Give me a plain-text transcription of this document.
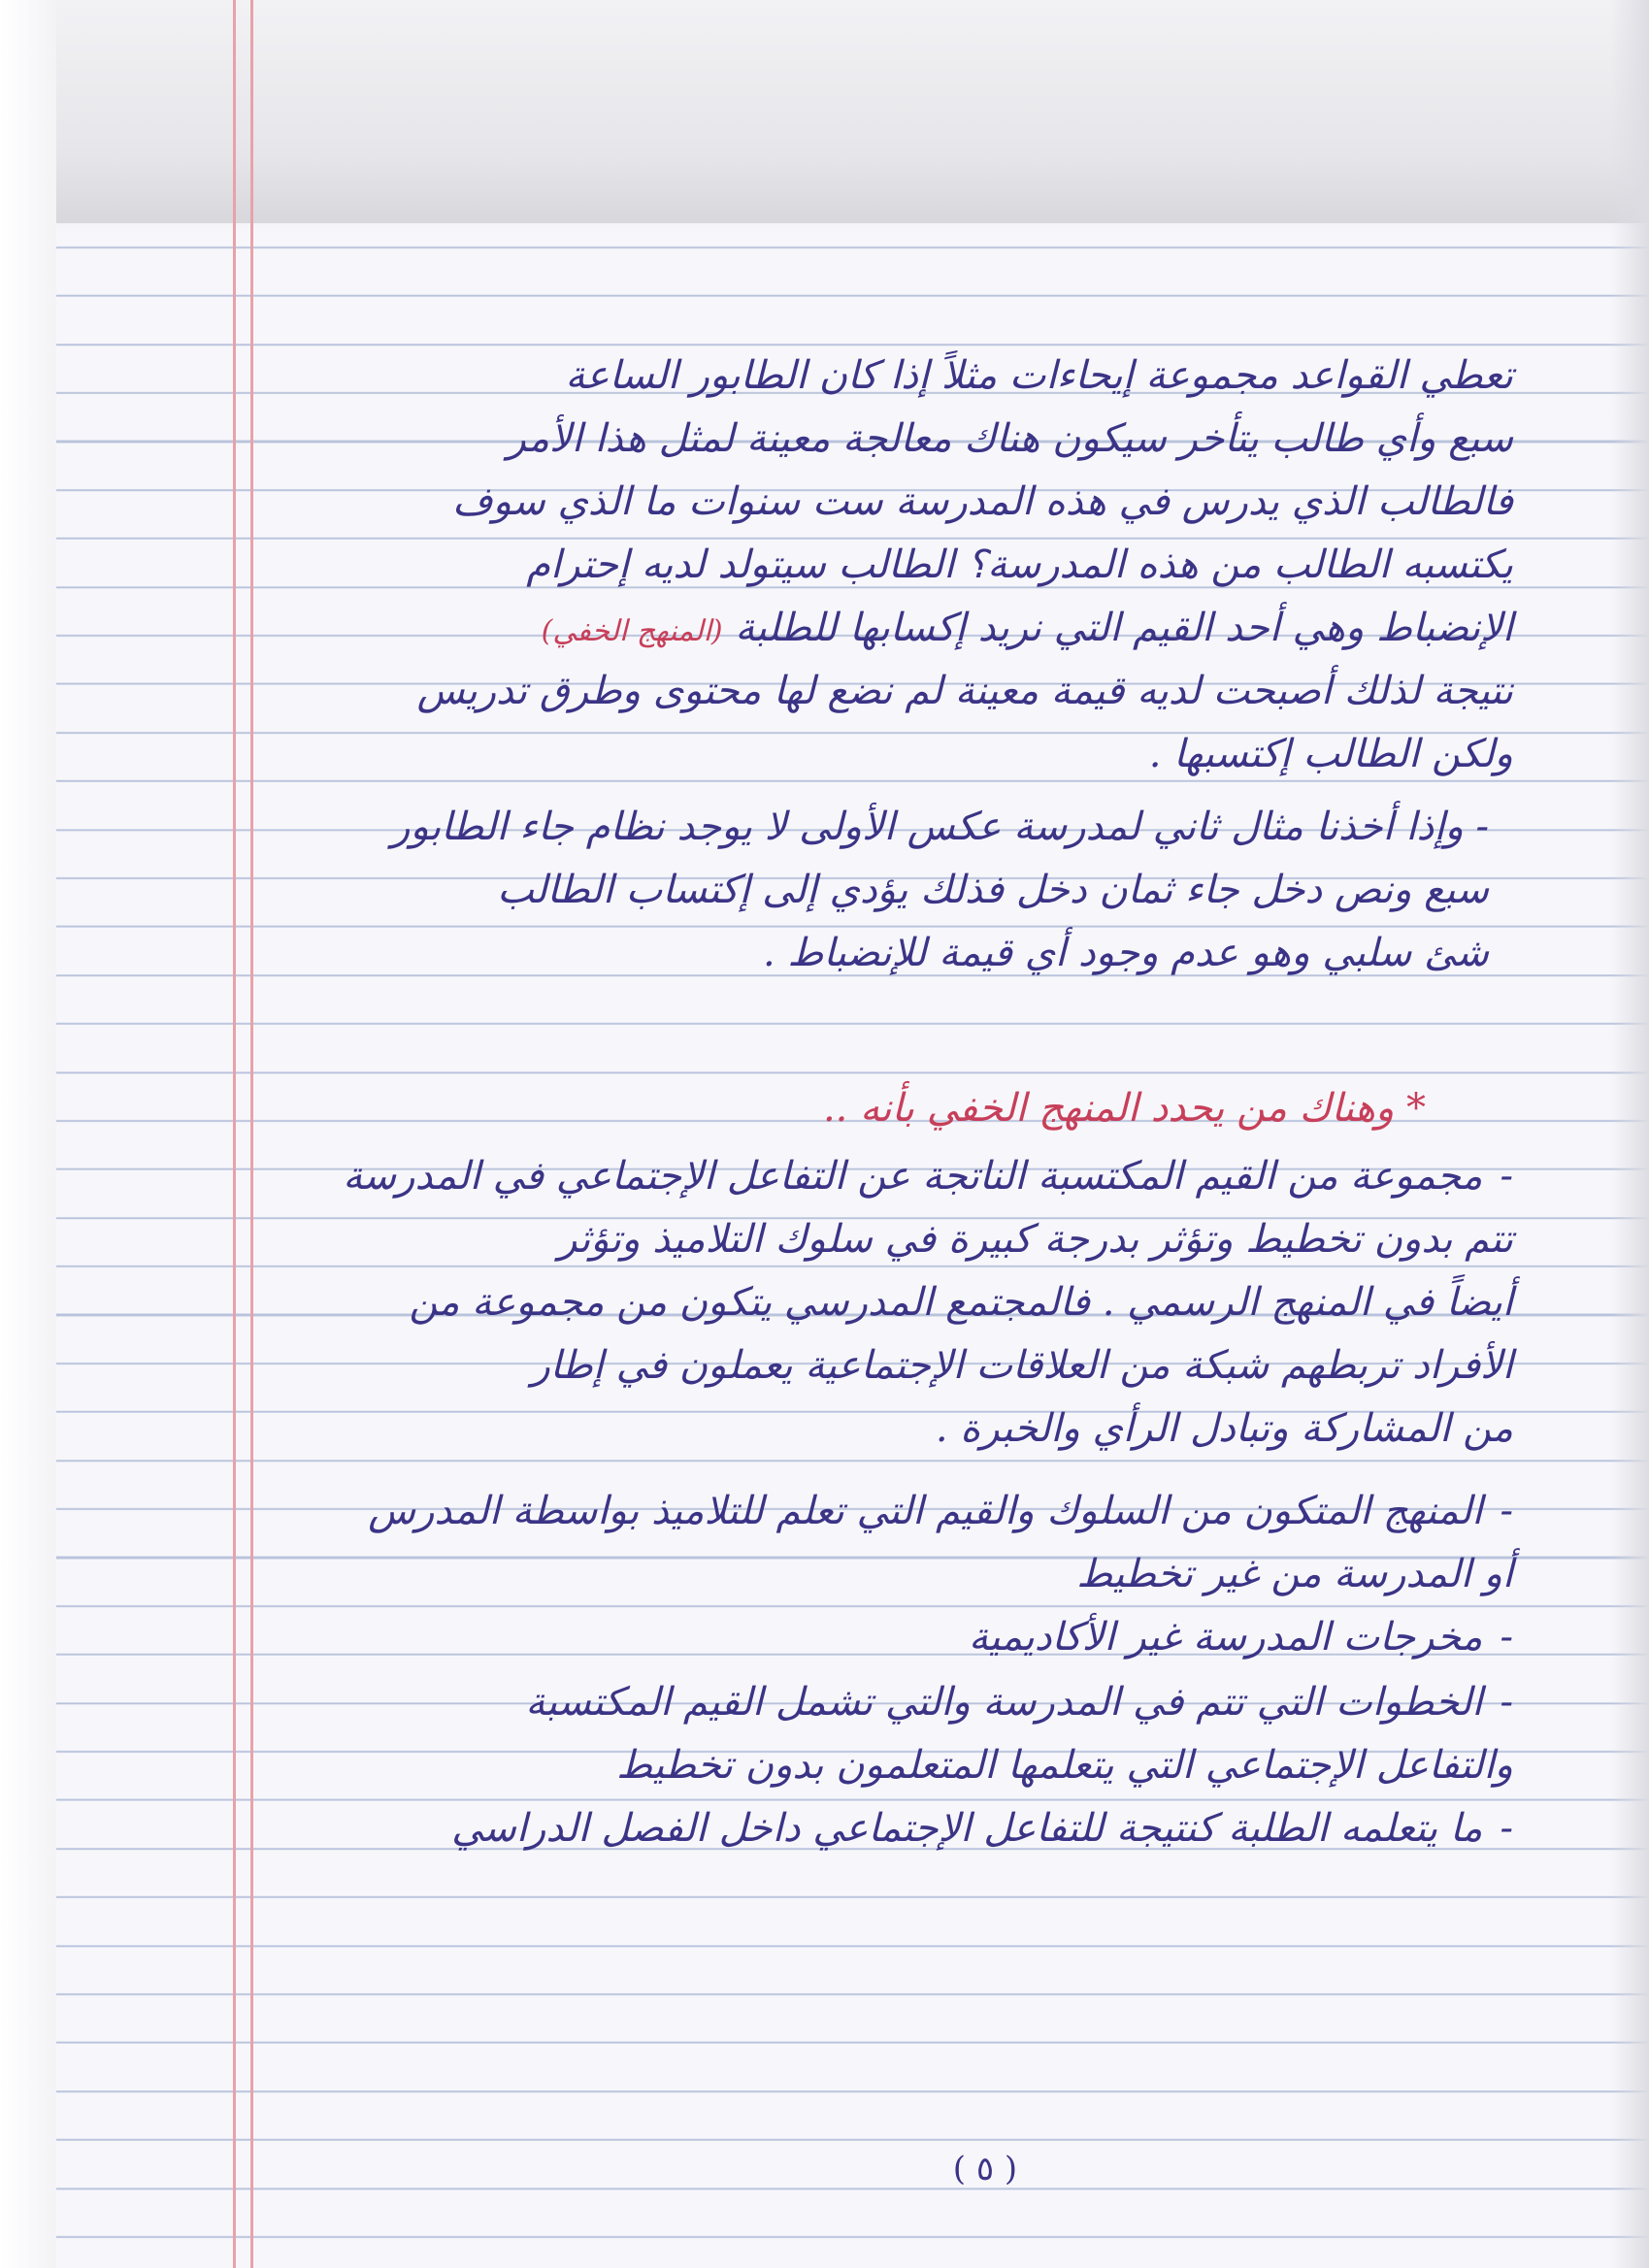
تعطي القواعد مجموعة إيحاءات مثلاً إذا كان الطابور الساعة
سبع وأي طالب يتأخر سيكون هناك معالجة معينة لمثل هذا الأمر
فالطالب الذي يدرس في هذه المدرسة ست سنوات ما الذي سوف
يكتسبه الطالب من هذه المدرسة؟ الطالب سيتولد لديه إحترام
الإنضباط وهي أحد القيم التي نريد إكسابها للطلبة (المنهج الخفي)
نتيجة لذلك أصبحت لديه قيمة معينة لم نضع لها محتوى وطرق تدريس
ولكن الطالب إكتسبها .
- وإذا أخذنا مثال ثاني لمدرسة عكس الأولى لا يوجد نظام جاء الطابور
سبع ونص دخل جاء ثمان دخل فذلك يؤدي إلى إكتساب الطالب
شئ سلبي وهو عدم وجود أي قيمة للإنضباط .
* وهناك من يحدد المنهج الخفي بأنه ..
-مجموعة من القيم المكتسبة الناتجة عن التفاعل الإجتماعي في المدرسة
تتم بدون تخطيط وتؤثر بدرجة كبيرة في سلوك التلاميذ وتؤثر
أيضاً في المنهج الرسمي . فالمجتمع المدرسي يتكون من مجموعة من
الأفراد تربطهم شبكة من العلاقات الإجتماعية يعملون في إطار
من المشاركة وتبادل الرأي والخبرة .
-المنهج المتكون من السلوك والقيم التي تعلم للتلاميذ بواسطة المدرس
أو المدرسة من غير تخطيط
-مخرجات المدرسة غير الأكاديمية
-الخطوات التي تتم في المدرسة والتي تشمل القيم المكتسبة
والتفاعل الإجتماعي التي يتعلمها المتعلمون بدون تخطيط
-ما يتعلمه الطلبة كنتيجة للتفاعل الإجتماعي داخل الفصل الدراسي
( ٥ )
